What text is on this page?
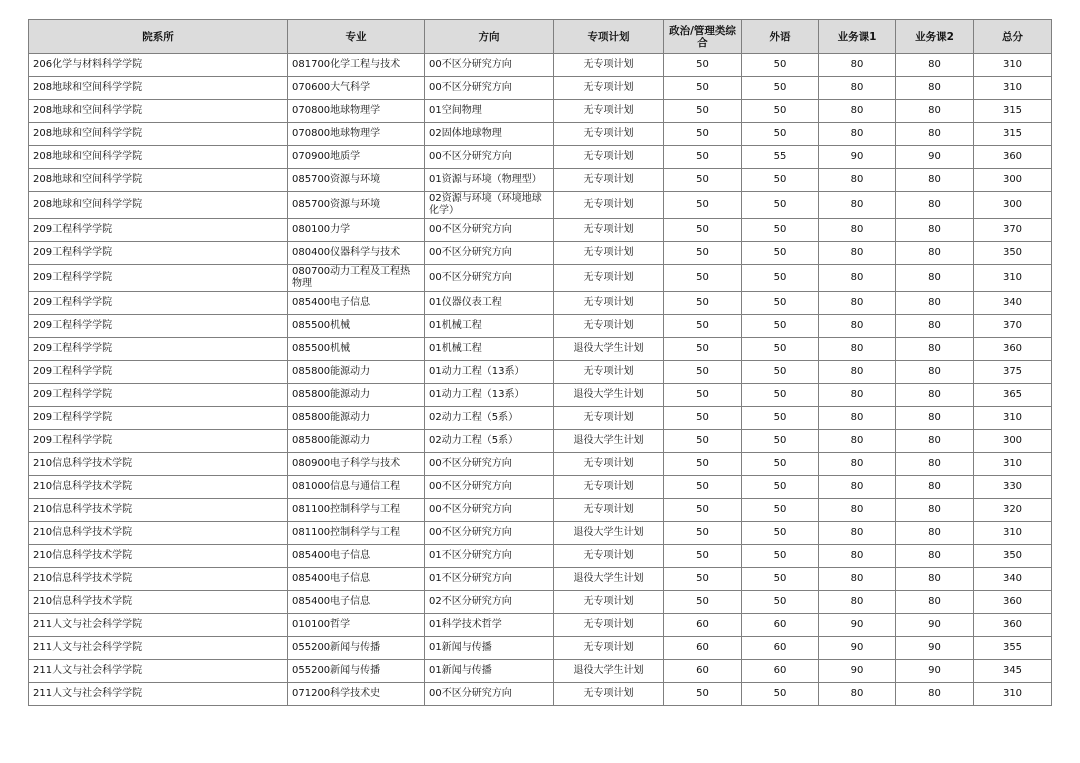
院系所	专业	方向	专项计划	政治/管理类综合	外语	业务课1	业务课2	总分
206化学与材料科学学院	081700化学工程与技术	00不区分研究方向	无专项计划	50	50	80	80	310
208地球和空间科学学院	070600大气科学	00不区分研究方向	无专项计划	50	50	80	80	310
208地球和空间科学学院	070800地球物理学	01空间物理	无专项计划	50	50	80	80	315
208地球和空间科学学院	070800地球物理学	02固体地球物理	无专项计划	50	50	80	80	315
208地球和空间科学学院	070900地质学	00不区分研究方向	无专项计划	50	55	90	90	360
208地球和空间科学学院	085700资源与环境	01资源与环境（物理型）	无专项计划	50	50	80	80	300
208地球和空间科学学院	085700资源与环境	02资源与环境（环境地球化学）	无专项计划	50	50	80	80	300
209工程科学学院	080100力学	00不区分研究方向	无专项计划	50	50	80	80	370
209工程科学学院	080400仪器科学与技术	00不区分研究方向	无专项计划	50	50	80	80	350
209工程科学学院	080700动力工程及工程热物理	00不区分研究方向	无专项计划	50	50	80	80	310
209工程科学学院	085400电子信息	01仪器仪表工程	无专项计划	50	50	80	80	340
209工程科学学院	085500机械	01机械工程	无专项计划	50	50	80	80	370
209工程科学学院	085500机械	01机械工程	退役大学生计划	50	50	80	80	360
209工程科学学院	085800能源动力	01动力工程（13系）	无专项计划	50	50	80	80	375
209工程科学学院	085800能源动力	01动力工程（13系）	退役大学生计划	50	50	80	80	365
209工程科学学院	085800能源动力	02动力工程（5系）	无专项计划	50	50	80	80	310
209工程科学学院	085800能源动力	02动力工程（5系）	退役大学生计划	50	50	80	80	300
210信息科学技术学院	080900电子科学与技术	00不区分研究方向	无专项计划	50	50	80	80	310
210信息科学技术学院	081000信息与通信工程	00不区分研究方向	无专项计划	50	50	80	80	330
210信息科学技术学院	081100控制科学与工程	00不区分研究方向	无专项计划	50	50	80	80	320
210信息科学技术学院	081100控制科学与工程	00不区分研究方向	退役大学生计划	50	50	80	80	310
210信息科学技术学院	085400电子信息	01不区分研究方向	无专项计划	50	50	80	80	350
210信息科学技术学院	085400电子信息	01不区分研究方向	退役大学生计划	50	50	80	80	340
210信息科学技术学院	085400电子信息	02不区分研究方向	无专项计划	50	50	80	80	360
211人文与社会科学学院	010100哲学	01科学技术哲学	无专项计划	60	60	90	90	360
211人文与社会科学学院	055200新闻与传播	01新闻与传播	无专项计划	60	60	90	90	355
211人文与社会科学学院	055200新闻与传播	01新闻与传播	退役大学生计划	60	60	90	90	345
211人文与社会科学学院	071200科学技术史	00不区分研究方向	无专项计划	50	50	80	80	310
